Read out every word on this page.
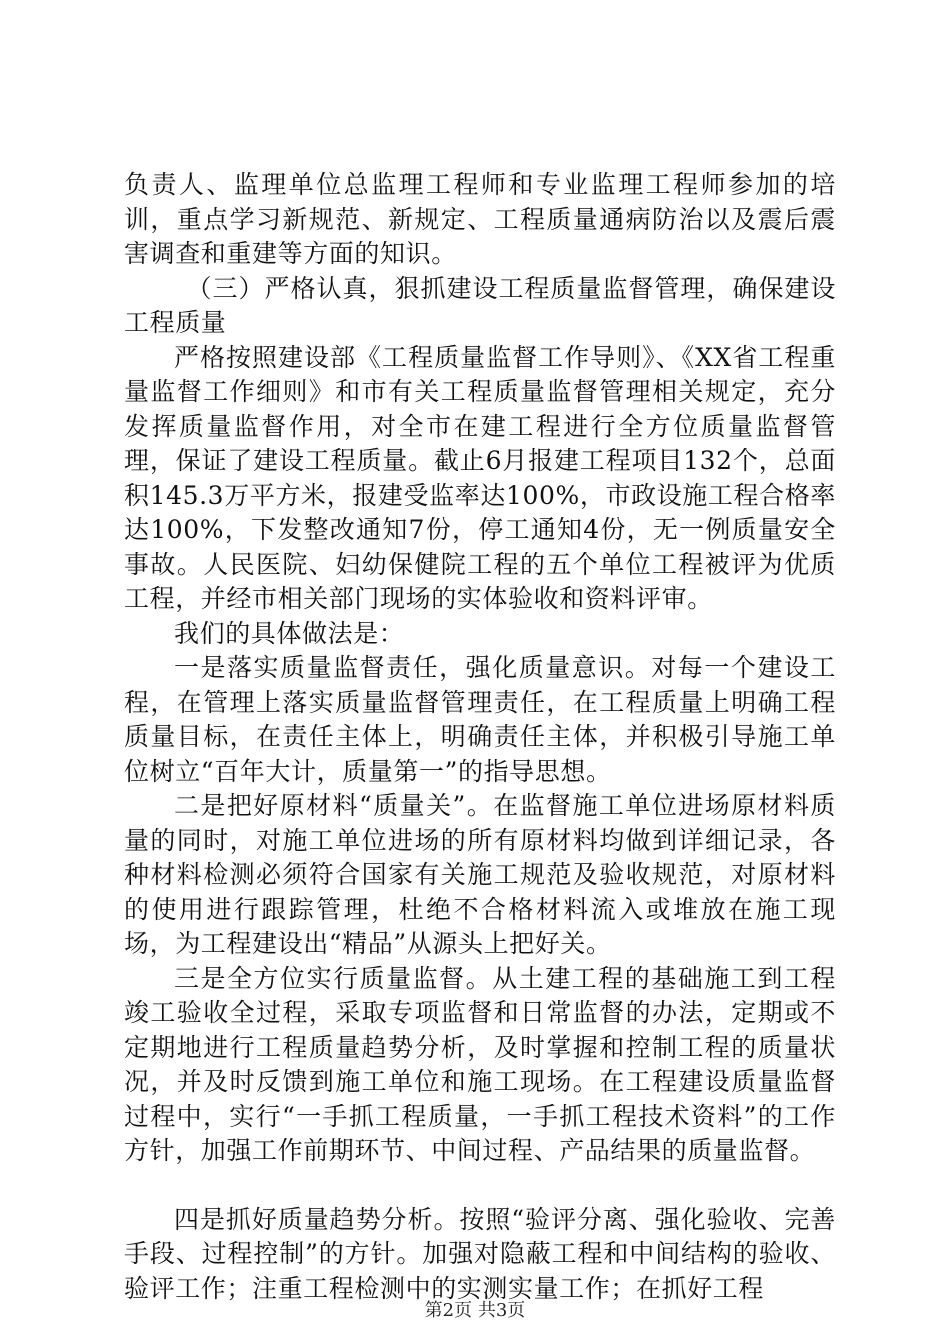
负责人、监理单位总监理工程师和专业监理工程师参加的培训，重点学习新规范、新规定、工程质量通病防治以及震后震害调查和重建等方面的知识。

（三）严格认真，狠抓建设工程质量监督管理，确保建设工程质量

严格按照建设部《工程质量监督工作导则》、《XX省工程重量监督工作细则》和市有关工程质量监督管理相关规定，充分发挥质量监督作用，对全市在建工程进行全方位质量监督管理，保证了建设工程质量。截止6月报建工程项目132个，总面积145.3万平方米，报建受监率达100%，市政设施工程合格率达100%，下发整改通知7份，停工通知4份，无一例质量安全事故。人民医院、妇幼保健院工程的五个单位工程被评为优质工程，并经市相关部门现场的实体验收和资料评审。

我们的具体做法是：

一是落实质量监督责任，强化质量意识。对每一个建设工程，在管理上落实质量监督管理责任，在工程质量上明确工程质量目标，在责任主体上，明确责任主体，并积极引导施工单位树立“百年大计，质量第一”的指导思想。

二是把好原材料“质量关”。在监督施工单位进场原材料质量的同时，对施工单位进场的所有原材料均做到详细记录，各种材料检测必须符合国家有关施工规范及验收规范，对原材料的使用进行跟踪管理，杜绝不合格材料流入或堆放在施工现场，为工程建设出“精品”从源头上把好关。

三是全方位实行质量监督。从土建工程的基础施工到工程竣工验收全过程，采取专项监督和日常监督的办法，定期或不定期地进行工程质量趋势分析，及时掌握和控制工程的质量状况，并及时反馈到施工单位和施工现场。在工程建设质量监督过程中，实行“一手抓工程质量，一手抓工程技术资料”的工作方针，加强工作前期环节、中间过程、产品结果的质量监督。

四是抓好质量趋势分析。按照“验评分离、强化验收、完善手段、过程控制”的方针。加强对隐蔽工程和中间结构的验收、验评工作；注重工程检测中的实测实量工作；在抓好工程

第2页 共3页
